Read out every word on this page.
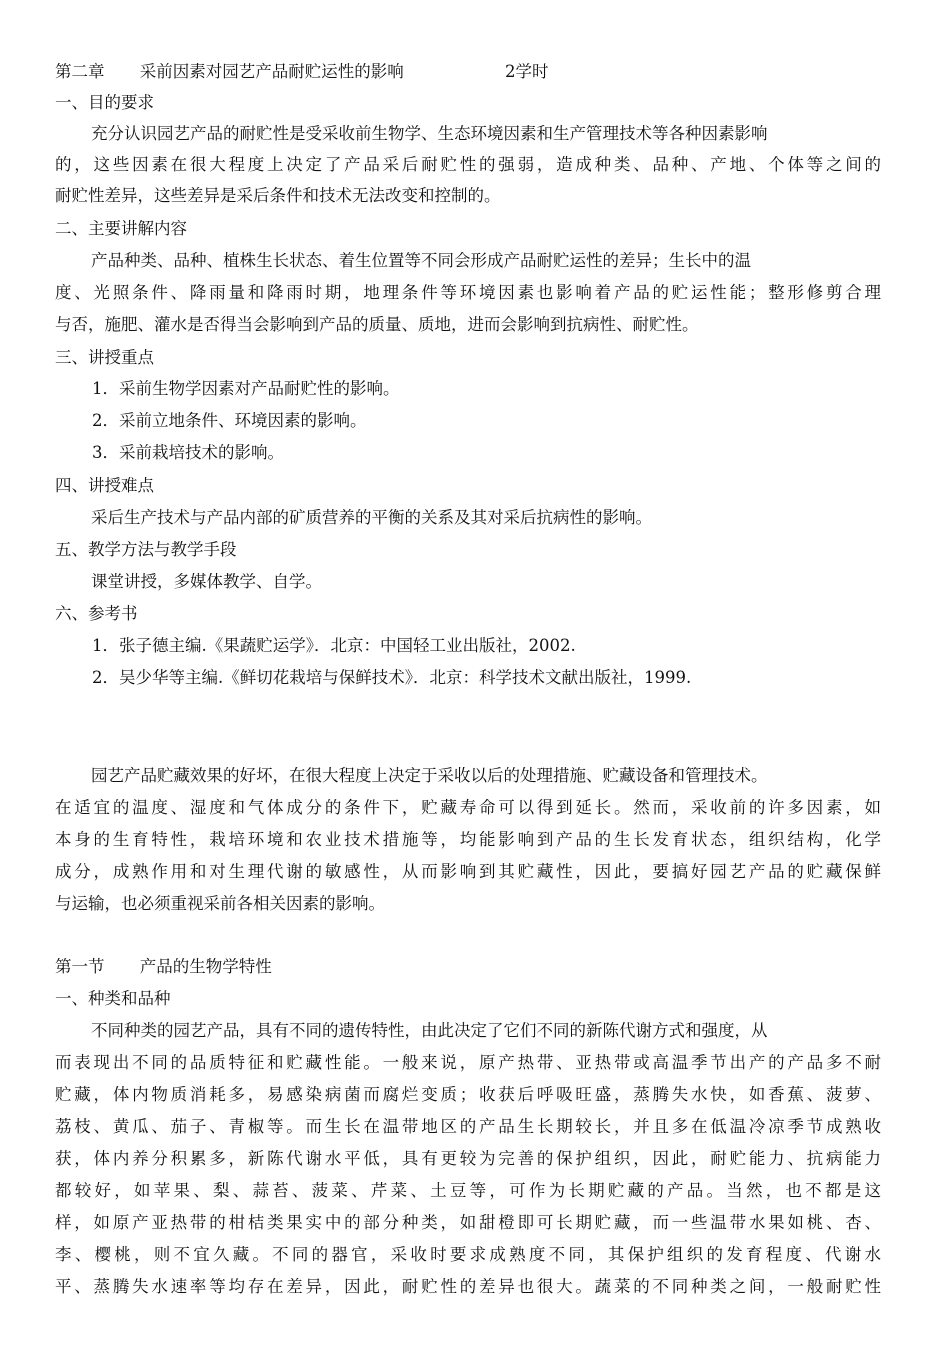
第二章 采前因素对园艺产品耐贮运性的影响	2学时
一、目的要求
充分认识园艺产品的耐贮性是受采收前生物学、生态环境因素和生产管理技术等各种因素影响
的，这些因素在很大程度上决定了产品采后耐贮性的强弱，造成种类、品种、产地、个体等之间的
耐贮性差异，这些差异是采后条件和技术无法改变和控制的。
二、主要讲解内容
产品种类、品种、植株生长状态、着生位置等不同会形成产品耐贮运性的差异；生长中的温
度、光照条件、降雨量和降雨时期，地理条件等环境因素也影响着产品的贮运性能；整形修剪合理
与否，施肥、灌水是否得当会影响到产品的质量、质地，进而会影响到抗病性、耐贮性。
三、讲授重点
1．采前生物学因素对产品耐贮性的影响。
2．采前立地条件、环境因素的影响。
3．采前栽培技术的影响。
四、讲授难点
采后生产技术与产品内部的矿质营养的平衡的关系及其对采后抗病性的影响。
五、教学方法与教学手段
课堂讲授，多媒体教学、自学。
六、参考书
1．张子德主编.《果蔬贮运学》．北京：中国轻工业出版社，2002.
2．吴少华等主编.《鲜切花栽培与保鲜技术》．北京：科学技术文献出版社，1999.
园艺产品贮藏效果的好坏，在很大程度上决定于采收以后的处理措施、贮藏设备和管理技术。
在适宜的温度、湿度和气体成分的条件下，贮藏寿命可以得到延长。然而，采收前的许多因素，如
本身的生育特性，栽培环境和农业技术措施等，均能影响到产品的生长发育状态，组织结构，化学
成分，成熟作用和对生理代谢的敏感性，从而影响到其贮藏性，因此，要搞好园艺产品的贮藏保鲜
与运输，也必须重视采前各相关因素的影响。
第一节 产品的生物学特性
一、种类和品种
不同种类的园艺产品，具有不同的遗传特性，由此决定了它们不同的新陈代谢方式和强度，从
而表现出不同的品质特征和贮藏性能。一般来说，原产热带、亚热带或高温季节出产的产品多不耐
贮藏，体内物质消耗多，易感染病菌而腐烂变质；收获后呼吸旺盛，蒸腾失水快，如香蕉、菠萝、
荔枝、黄瓜、茄子、青椒等。而生长在温带地区的产品生长期较长，并且多在低温冷凉季节成熟收
获，体内养分积累多，新陈代谢水平低，具有更较为完善的保护组织，因此，耐贮能力、抗病能力
都较好，如苹果、梨、蒜苔、菠菜、芹菜、土豆等，可作为长期贮藏的产品。当然，也不都是这
样，如原产亚热带的柑桔类果实中的部分种类，如甜橙即可长期贮藏，而一些温带水果如桃、杏、
李、樱桃，则不宜久藏。不同的器官，采收时要求成熟度不同，其保护组织的发育程度、代谢水
平、蒸腾失水速率等均存在差异，因此，耐贮性的差异也很大。蔬菜的不同种类之间，一般耐贮性
